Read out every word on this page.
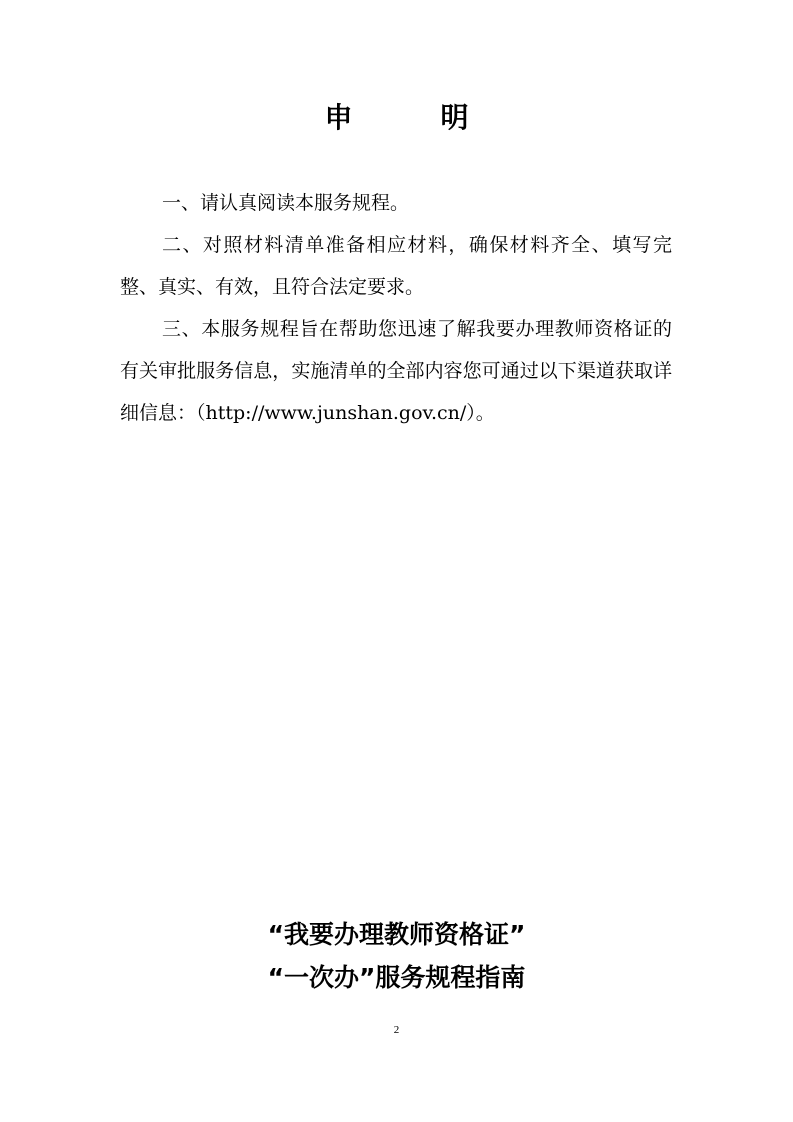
申　明

一、请认真阅读本服务规程。

二、对照材料清单准备相应材料，确保材料齐全、填写完整、真实、有效，且符合法定要求。

三、本服务规程旨在帮助您迅速了解我要办理教师资格证的有关审批服务信息，实施清单的全部内容您可通过以下渠道获取详细信息：（http://www.junshan.gov.cn/）。

“我要办理教师资格证”
“一次办”服务规程指南
2
